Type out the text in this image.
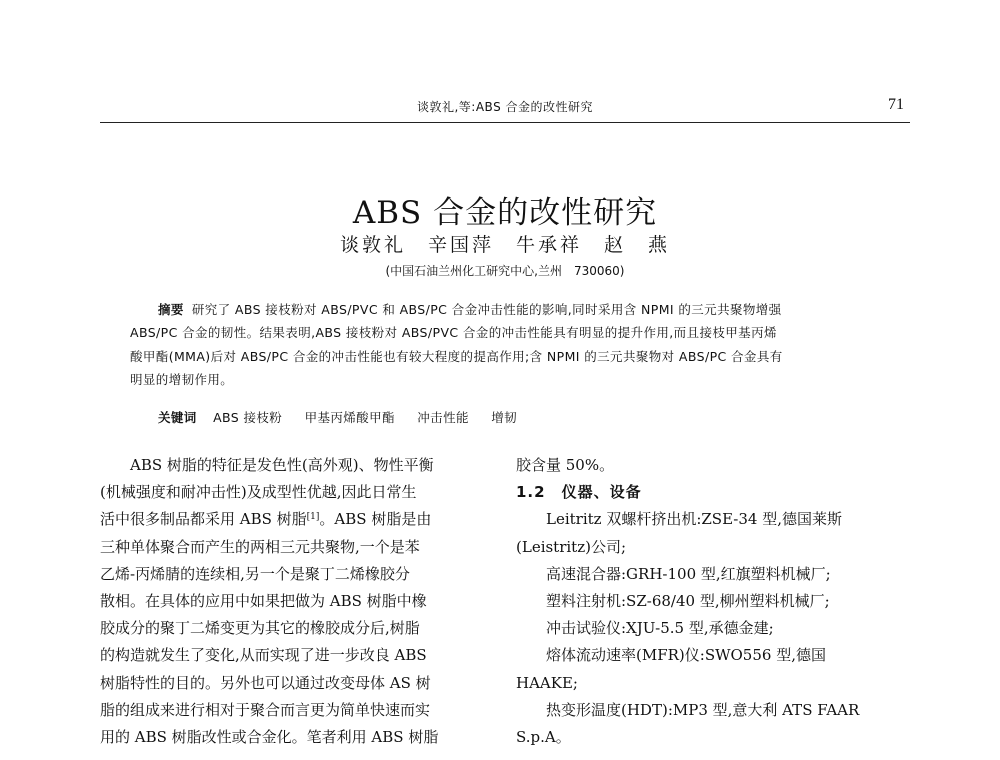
谈敦礼,等:ABS 合金的改性研究	71
ABS 合金的改性研究
谈敦礼　辛国萍　牛承祥　赵　燕
(中国石油兰州化工研究中心,兰州　730060)
摘要 研究了 ABS 接枝粉对 ABS/PVC 和 ABS/PC 合金冲击性能的影响,同时采用含 NPMI 的三元共聚物增强
ABS/PC 合金的韧性。结果表明,ABS 接枝粉对 ABS/PVC 合金的冲击性能具有明显的提升作用,而且接枝甲基丙烯
酸甲酯(MMA)后对 ABS/PC 合金的冲击性能也有较大程度的提高作用;含 NPMI 的三元共聚物对 ABS/PC 合金具有
明显的增韧作用。
关键词 ABS 接枝粉 甲基丙烯酸甲酯 冲击性能 增韧
ABS 树脂的特征是发色性(高外观)、物性平衡
(机械强度和耐冲击性)及成型性优越,因此日常生
活中很多制品都采用 ABS 树脂[1]。ABS 树脂是由
三种单体聚合而产生的两相三元共聚物,一个是苯
乙烯-丙烯腈的连续相,另一个是聚丁二烯橡胶分
散相。在具体的应用中如果把做为 ABS 树脂中橡
胶成分的聚丁二烯变更为其它的橡胶成分后,树脂
的构造就发生了变化,从而实现了进一步改良 ABS
树脂特性的目的。另外也可以通过改变母体 AS 树
脂的组成来进行相对于聚合而言更为简单快速而实
用的 ABS 树脂改性或合金化。笔者利用 ABS 树脂
胶含量 50%。
1.2　仪器、设备
Leitritz 双螺杆挤出机:ZSE-34 型,德国莱斯
(Leistritz)公司;
高速混合器:GRH-100 型,红旗塑料机械厂;
塑料注射机:SZ-68/40 型,柳州塑料机械厂;
冲击试验仪:XJU-5.5 型,承德金建;
熔体流动速率(MFR)仪:SWO556 型,德国
HAAKE;
热变形温度(HDT):MP3 型,意大利 ATS FAAR
S.p.A。
